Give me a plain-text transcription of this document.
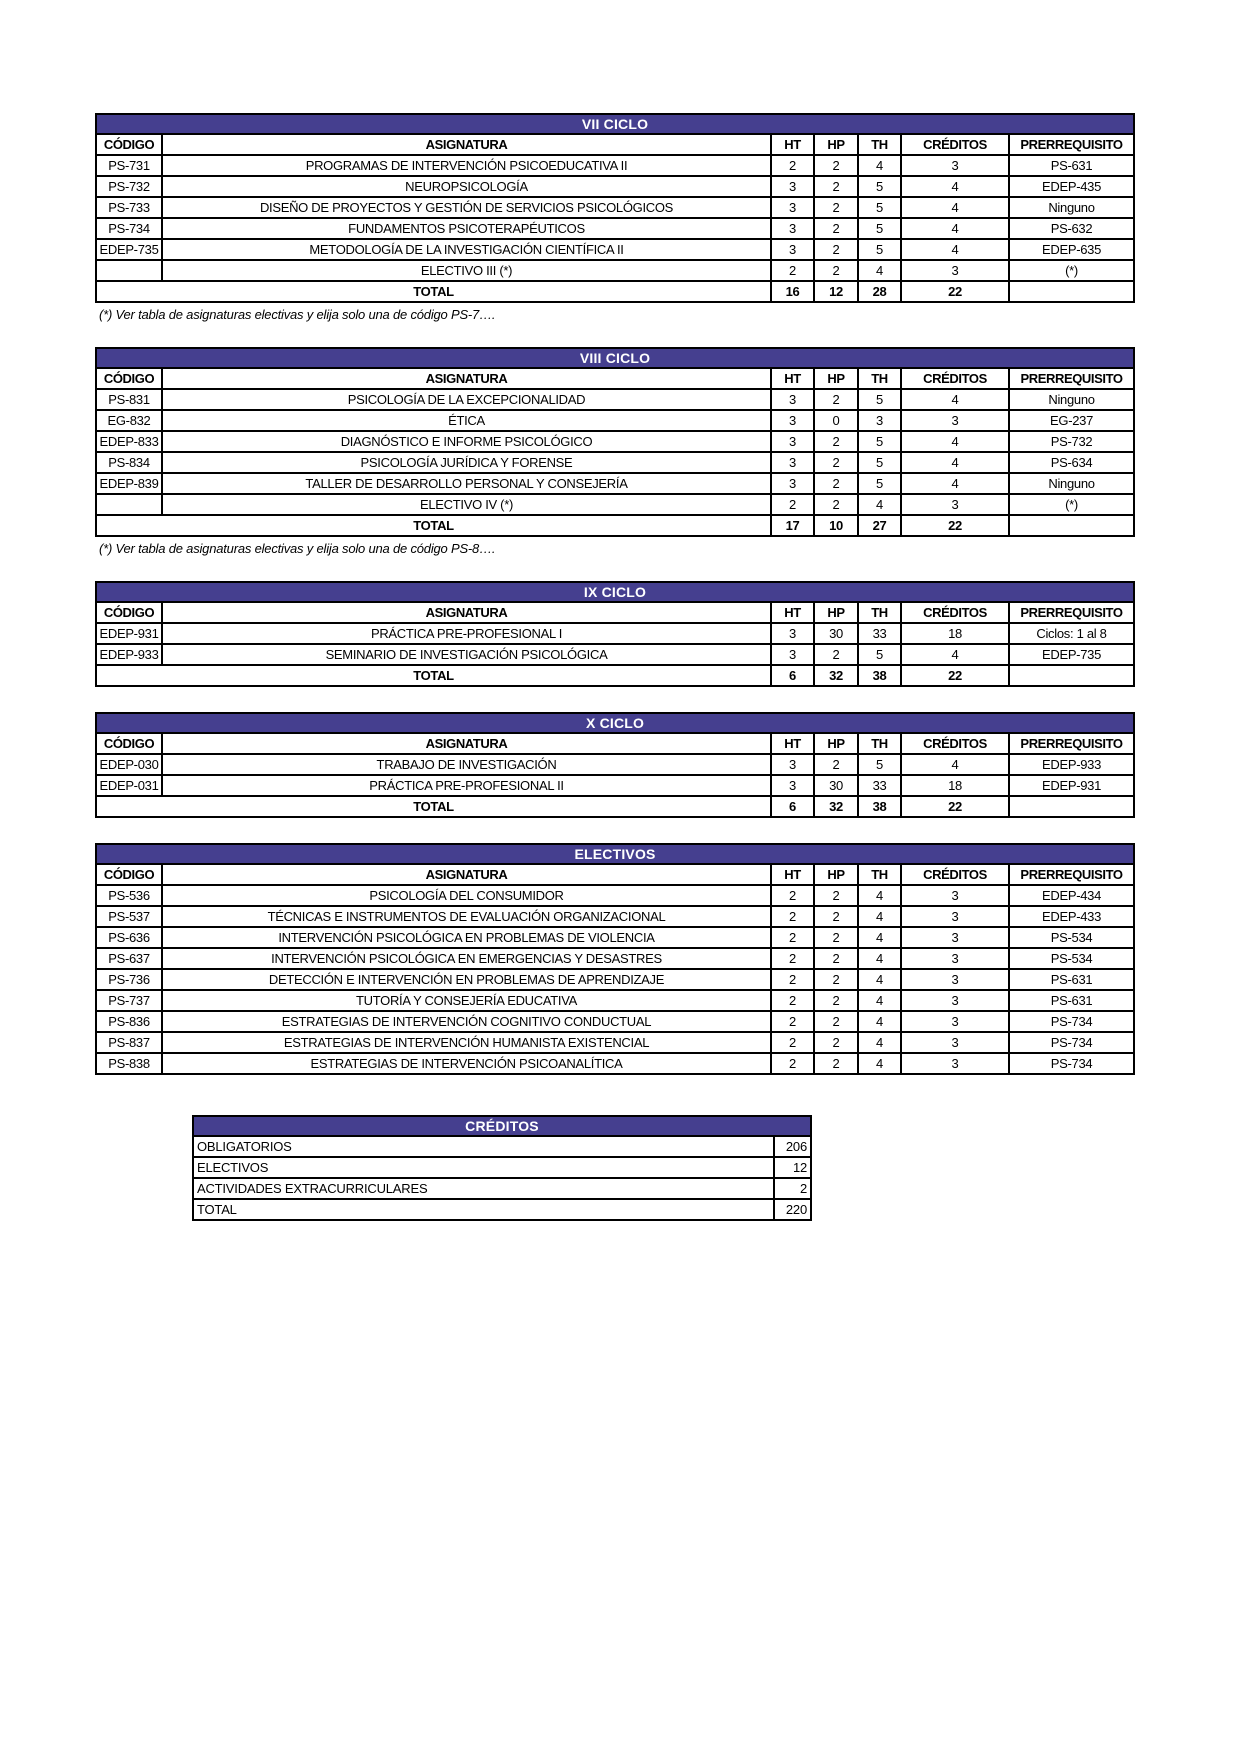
VII CICLO						
CÓDIGO	ASIGNATURA	HT	HP	TH	CRÉDITOS	PRERREQUISITO
PS-731	PROGRAMAS DE INTERVENCIÓN PSICOEDUCATIVA II	2	2	4	3	PS-631
PS-732	NEUROPSICOLOGÍA	3	2	5	4	EDEP-435
PS-733	DISEÑO DE PROYECTOS Y GESTIÓN DE SERVICIOS PSICOLÓGICOS	3	2	5	4	Ninguno
PS-734	FUNDAMENTOS PSICOTERAPÉUTICOS	3	2	5	4	PS-632
EDEP-735	METODOLOGÍA DE LA INVESTIGACIÓN CIENTÍFICA II	3	2	5	4	EDEP-635
	ELECTIVO III (*)	2	2	4	3	(*)
TOTAL		16	12	28	22	
(*) Ver tabla de asignaturas electivas y elija solo una de código PS-7….
VIII CICLO						
CÓDIGO	ASIGNATURA	HT	HP	TH	CRÉDITOS	PRERREQUISITO
PS-831	PSICOLOGÍA DE LA EXCEPCIONALIDAD	3	2	5	4	Ninguno
EG-832	ÉTICA	3	0	3	3	EG-237
EDEP-833	DIAGNÓSTICO E INFORME PSICOLÓGICO	3	2	5	4	PS-732
PS-834	PSICOLOGÍA JURÍDICA Y FORENSE	3	2	5	4	PS-634
EDEP-839	TALLER DE DESARROLLO PERSONAL Y CONSEJERÍA	3	2	5	4	Ninguno
	ELECTIVO IV (*)	2	2	4	3	(*)
TOTAL		17	10	27	22	
(*) Ver tabla de asignaturas electivas y elija solo una de código PS-8….
IX CICLO						
CÓDIGO	ASIGNATURA	HT	HP	TH	CRÉDITOS	PRERREQUISITO
EDEP-931	PRÁCTICA PRE-PROFESIONAL I	3	30	33	18	Ciclos: 1 al 8
EDEP-933	SEMINARIO DE INVESTIGACIÓN PSICOLÓGICA	3	2	5	4	EDEP-735
TOTAL		6	32	38	22	
X CICLO						
CÓDIGO	ASIGNATURA	HT	HP	TH	CRÉDITOS	PRERREQUISITO
EDEP-030	TRABAJO DE INVESTIGACIÓN	3	2	5	4	EDEP-933
EDEP-031	PRÁCTICA PRE-PROFESIONAL II	3	30	33	18	EDEP-931
TOTAL		6	32	38	22	
ELECTIVOS						
CÓDIGO	ASIGNATURA	HT	HP	TH	CRÉDITOS	PRERREQUISITO
PS-536	PSICOLOGÍA DEL CONSUMIDOR	2	2	4	3	EDEP-434
PS-537	TÉCNICAS E INSTRUMENTOS DE EVALUACIÓN ORGANIZACIONAL	2	2	4	3	EDEP-433
PS-636	INTERVENCIÓN PSICOLÓGICA EN PROBLEMAS DE VIOLENCIA	2	2	4	3	PS-534
PS-637	INTERVENCIÓN PSICOLÓGICA EN EMERGENCIAS Y DESASTRES	2	2	4	3	PS-534
PS-736	DETECCIÓN E INTERVENCIÓN EN PROBLEMAS DE APRENDIZAJE	2	2	4	3	PS-631
PS-737	TUTORÍA Y CONSEJERÍA EDUCATIVA	2	2	4	3	PS-631
PS-836	ESTRATEGIAS DE INTERVENCIÓN COGNITIVO CONDUCTUAL	2	2	4	3	PS-734
PS-837	ESTRATEGIAS DE INTERVENCIÓN HUMANISTA EXISTENCIAL	2	2	4	3	PS-734
PS-838	ESTRATEGIAS DE INTERVENCIÓN PSICOANALÍTICA	2	2	4	3	PS-734
CRÉDITOS	
OBLIGATORIOS	206
ELECTIVOS	12
ACTIVIDADES EXTRACURRICULARES	2
TOTAL	220
